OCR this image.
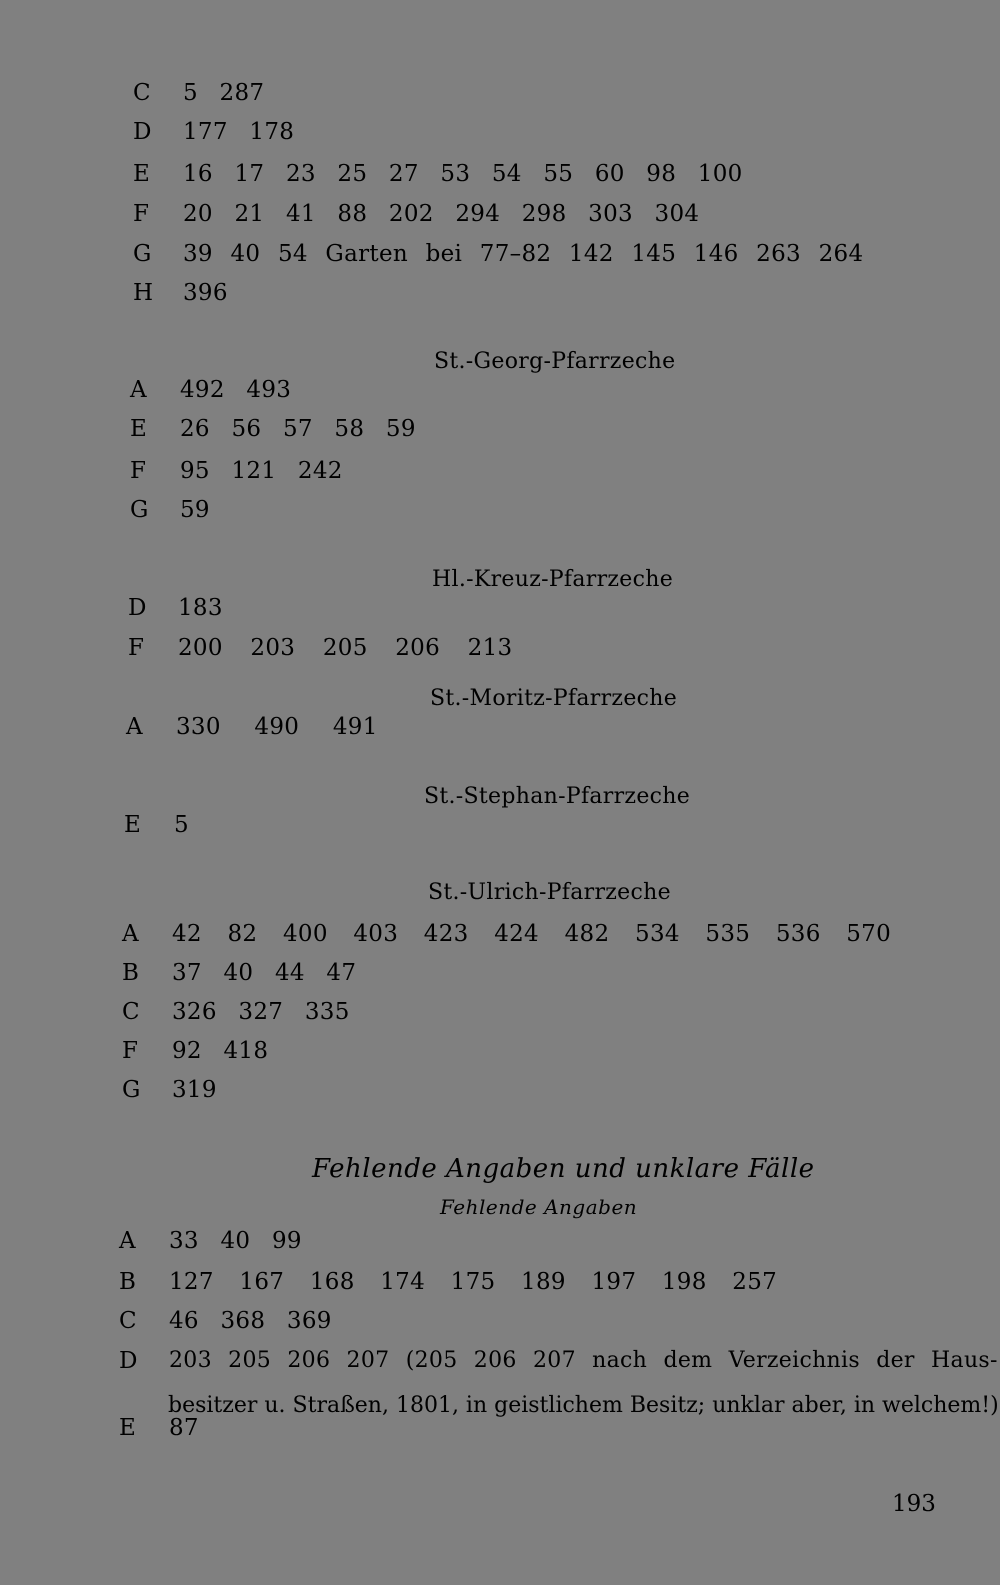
C 5 287
D 177 178
E 16 17 23 25 27 53 54 55 60 98 100
F 20 21 41 88 202 294 298 303 304
G 39 40 54 Garten bei 77–82 142 145 146 263 264
H 396
St.-Georg-Pfarrzeche
A 492 493
E 26 56 57 58 59
F 95 121 242
G 59
Hl.-Kreuz-Pfarrzeche
D 183
F 200 203 205 206 213
St.-Moritz-Pfarrzeche
A 330 490 491
St.-Stephan-Pfarrzeche
E 5
St.-Ulrich-Pfarrzeche
A 42 82 400 403 423 424 482 534 535 536 570
B 37 40 44 47
C 326 327 335
F 92 418
G 319
Fehlende Angaben und unklare Fälle
Fehlende Angaben
A 33 40 99
B 127 167 168 174 175 189 197 198 257
C 46 368 369
D 203 205 206 207 (205 206 207 nach dem Verzeichnis der Haus-
besitzer u. Straßen, 1801, in geistlichem Besitz; unklar aber, in welchem!)
E 87
193
